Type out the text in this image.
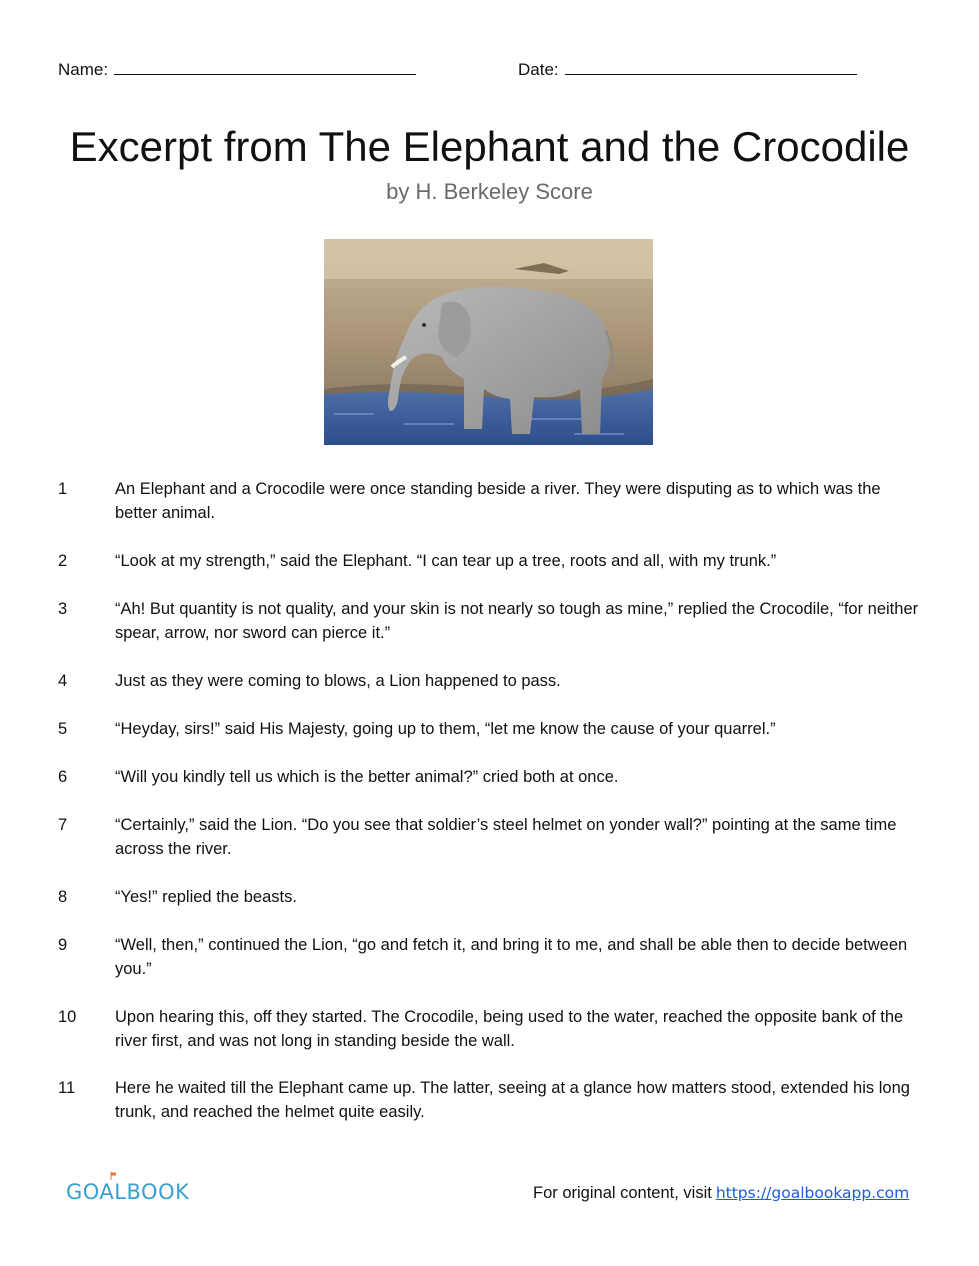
Name:	Date:
Excerpt from The Elephant and the Crocodile
by H. Berkeley Score
1	An Elephant and a Crocodile were once standing beside a river. They were disputing as to which was the better animal.
2	“Look at my strength,” said the Elephant. “I can tear up a tree, roots and all, with my trunk.”
3	“Ah! But quantity is not quality, and your skin is not nearly so tough as mine,” replied the Crocodile, “for neither spear, arrow, nor sword can pierce it.”
4	Just as they were coming to blows, a Lion happened to pass.
5	“Heyday, sirs!” said His Majesty, going up to them, “let me know the cause of your quarrel.”
6	“Will you kindly tell us which is the better animal?” cried both at once.
7	“Certainly,” said the Lion. “Do you see that soldier’s steel helmet on yonder wall?” pointing at the same time across the river.
8	“Yes!” replied the beasts.
9	“Well, then,” continued the Lion, “go and fetch it, and bring it to me, and shall be able then to decide between you.”
10 Upon hearing this, off they started. The Crocodile, being used to the water, reached the opposite bank of the river first, and was not long in standing beside the wall.
11 Here he waited till the Elephant came up. The latter, seeing at a glance how matters stood, extended his long trunk, and reached the helmet quite easily.
GOALBOOK	For original content, visit https://goalbookapp.com
